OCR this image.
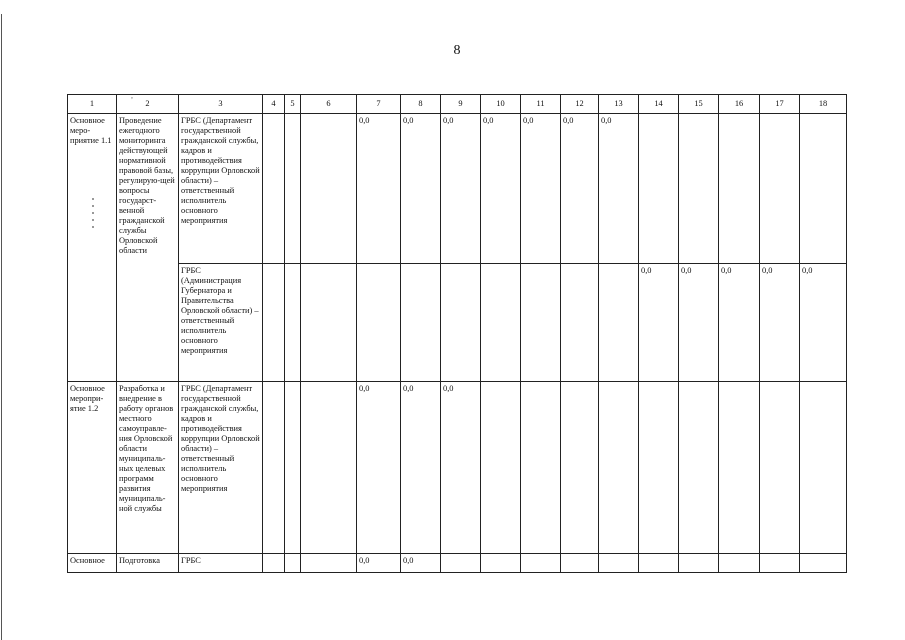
8
,
1	2	3	4	5	6	7	8	9	10	11	12	13	14	15	16	17	18
Основное меро-приятие 1.1	Проведение ежегодного мониторинга действующей нормативной правовой базы, регулирую-щей вопросы государст-венной гражданской службы Орловской области	ГРБС (Департамент государственной гражданской службы, кадров и противодействия коррупции Орловской области) – ответственный исполнитель основного мероприятия				0,0	0,0	0,0	0,0	0,0	0,0	0,0					
		ГРБС (Администрация Губернатора и Правительства Орловской области) – ответственный исполнитель основного мероприятия											0,0	0,0	0,0	0,0	0,0
Основное меропри-ятие 1.2	Разработка и внедрение в работу органов местного самоуправле-ния Орловской области муниципаль-ных целевых программ развития муниципаль-ной службы	ГРБС (Департамент государственной гражданской службы, кадров и противодействия коррупции Орловской области) – ответственный исполнитель основного мероприятия				0,0	0,0	0,0									
Основное	Подготовка	ГРБС				0,0	0,0										
